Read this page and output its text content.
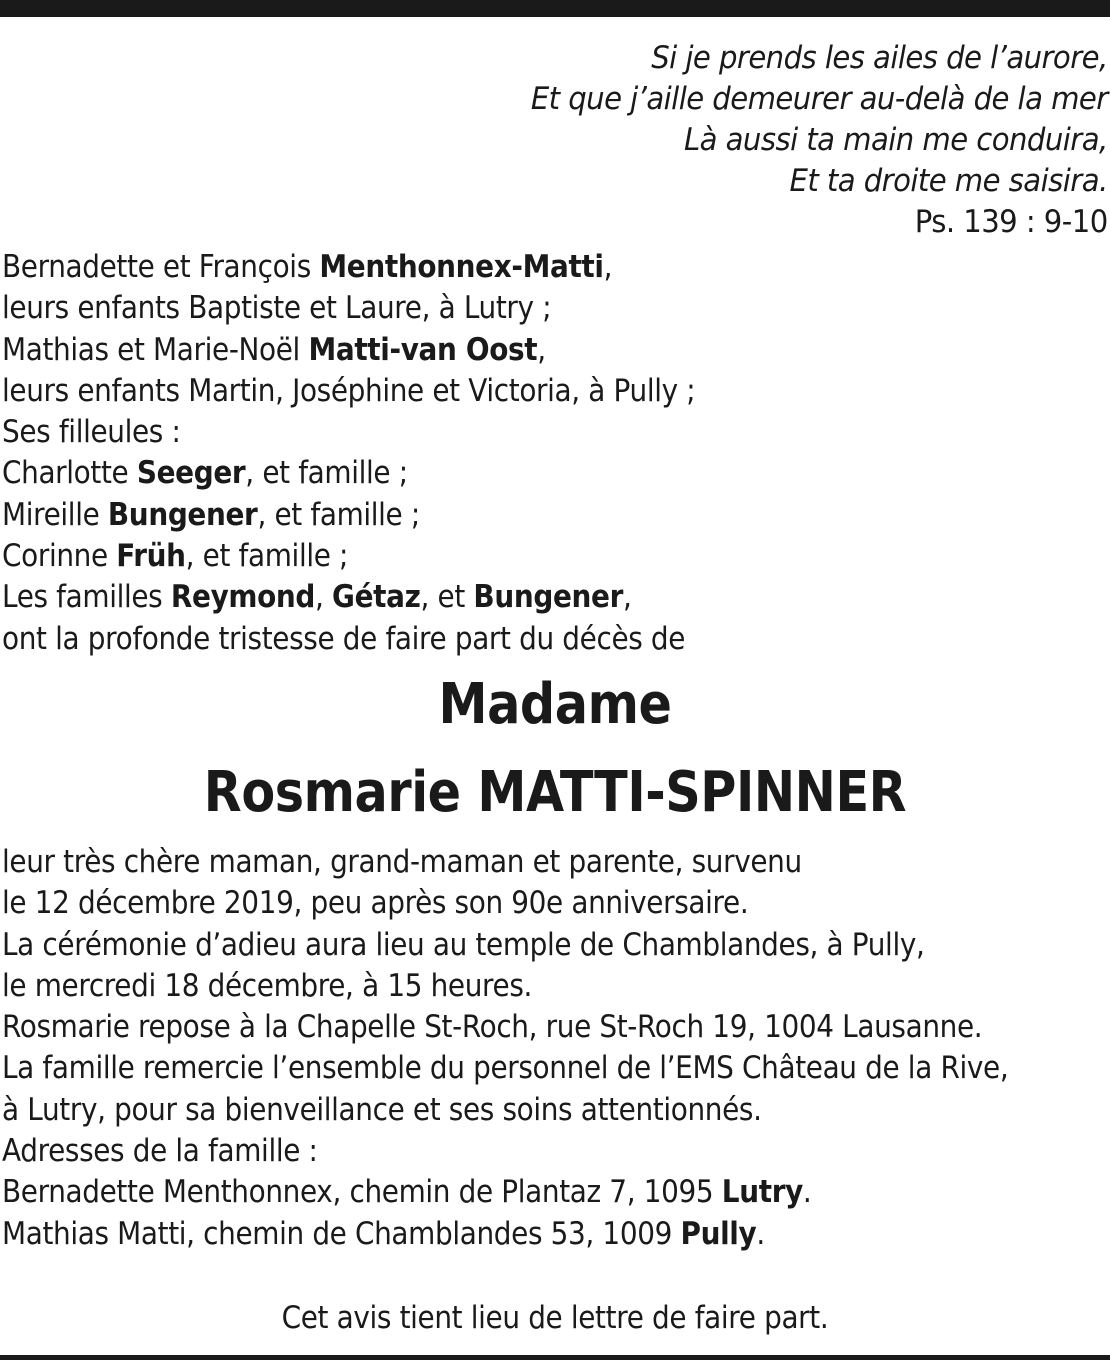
Si je prends les ailes de l’aurore,
Et que j’aille demeurer au-delà de la mer
Là aussi ta main me conduira,
Et ta droite me saisira.
Ps. 139 : 9-10
Bernadette et François Menthonnex-Matti,
leurs enfants Baptiste et Laure, à Lutry ;
Mathias et Marie-Noël Matti-van Oost,
leurs enfants Martin, Joséphine et Victoria, à Pully ;
Ses filleules :
Charlotte Seeger, et famille ;
Mireille Bungener, et famille ;
Corinne Früh, et famille ;
Les familles Reymond, Gétaz, et Bungener,
ont la profonde tristesse de faire part du décès de
Madame
Rosmarie MATTI-SPINNER
leur très chère maman, grand-maman et parente, survenu
le 12 décembre 2019, peu après son 90e anniversaire.
La cérémonie d’adieu aura lieu au temple de Chamblandes, à Pully,
le mercredi 18 décembre, à 15 heures.
Rosmarie repose à la Chapelle St-Roch, rue St-Roch 19, 1004 Lausanne.
La famille remercie l’ensemble du personnel de l’EMS Château de la Rive,
à Lutry, pour sa bienveillance et ses soins attentionnés.
Adresses de la famille :
Bernadette Menthonnex, chemin de Plantaz 7, 1095 Lutry.
Mathias Matti, chemin de Chamblandes 53, 1009 Pully.
Cet avis tient lieu de lettre de faire part.
